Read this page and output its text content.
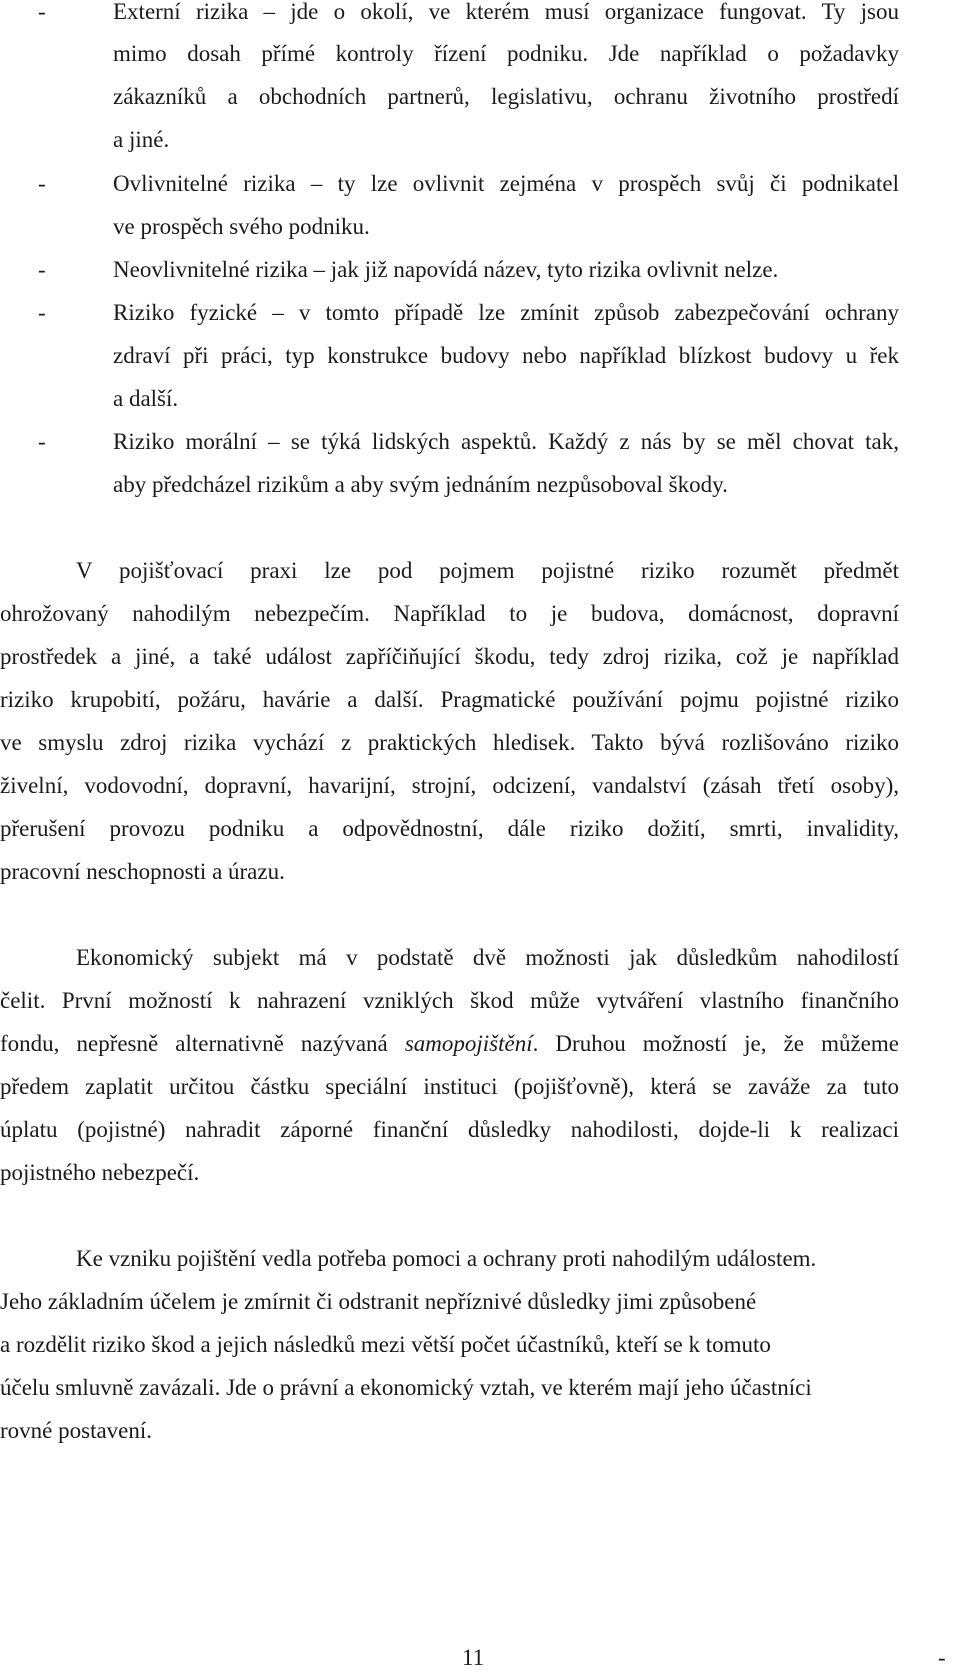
-	Externí rizika – jde o okolí, ve kterém musí organizace fungovat. Ty jsou
mimo dosah přímé kontroly řízení podniku. Jde například o požadavky
zákazníků a obchodních partnerů, legislativu, ochranu životního prostředí
a jiné.
-	Ovlivnitelné rizika – ty lze ovlivnit zejména v prospěch svůj či podnikatel
ve prospěch svého podniku.
-	Neovlivnitelné rizika – jak již napovídá název, tyto rizika ovlivnit nelze.
-	Riziko fyzické – v tomto případě lze zmínit způsob zabezpečování ochrany
zdraví při práci, typ konstrukce budovy nebo například blízkost budovy u řek
a další.
-	Riziko morální – se týká lidských aspektů. Každý z nás by se měl chovat tak,
aby předcházel rizikům a aby svým jednáním nezpůsoboval škody.
V pojišťovací praxi lze pod pojmem pojistné riziko rozumět předmět
ohrožovaný nahodilým nebezpečím. Například to je budova, domácnost, dopravní
prostředek a jiné, a také událost zapříčiňující škodu, tedy zdroj rizika, což je například
riziko krupobití, požáru, havárie a další. Pragmatické používání pojmu pojistné riziko
ve smyslu zdroj rizika vychází z praktických hledisek. Takto bývá rozlišováno riziko
živelní, vodovodní, dopravní, havarijní, strojní, odcizení, vandalství (zásah třetí osoby),
přerušení provozu podniku a odpovědnostní, dále riziko dožití, smrti, invalidity,
pracovní neschopnosti a úrazu.
Ekonomický subjekt má v podstatě dvě možnosti jak důsledkům nahodilostí
čelit. První možností k nahrazení vzniklých škod může vytváření vlastního finančního
fondu, nepřesně alternativně nazývaná samopojištění. Druhou možností je, že můžeme
předem zaplatit určitou částku speciální instituci (pojišťovně), která se zaváže za tuto
úplatu (pojistné) nahradit záporné finanční důsledky nahodilosti, dojde-li k realizaci
pojistného nebezpečí.
Ke vzniku pojištění vedla potřeba pomoci a ochrany proti nahodilým událostem.
Jeho základním účelem je zmírnit či odstranit nepříznivé důsledky jimi způsobené
a rozdělit riziko škod a jejich následků mezi větší počet účastníků, kteří se k tomuto
účelu smluvně zavázali. Jde o právní a ekonomický vztah, ve kterém mají jeho účastníci
rovné postavení.
11	-
